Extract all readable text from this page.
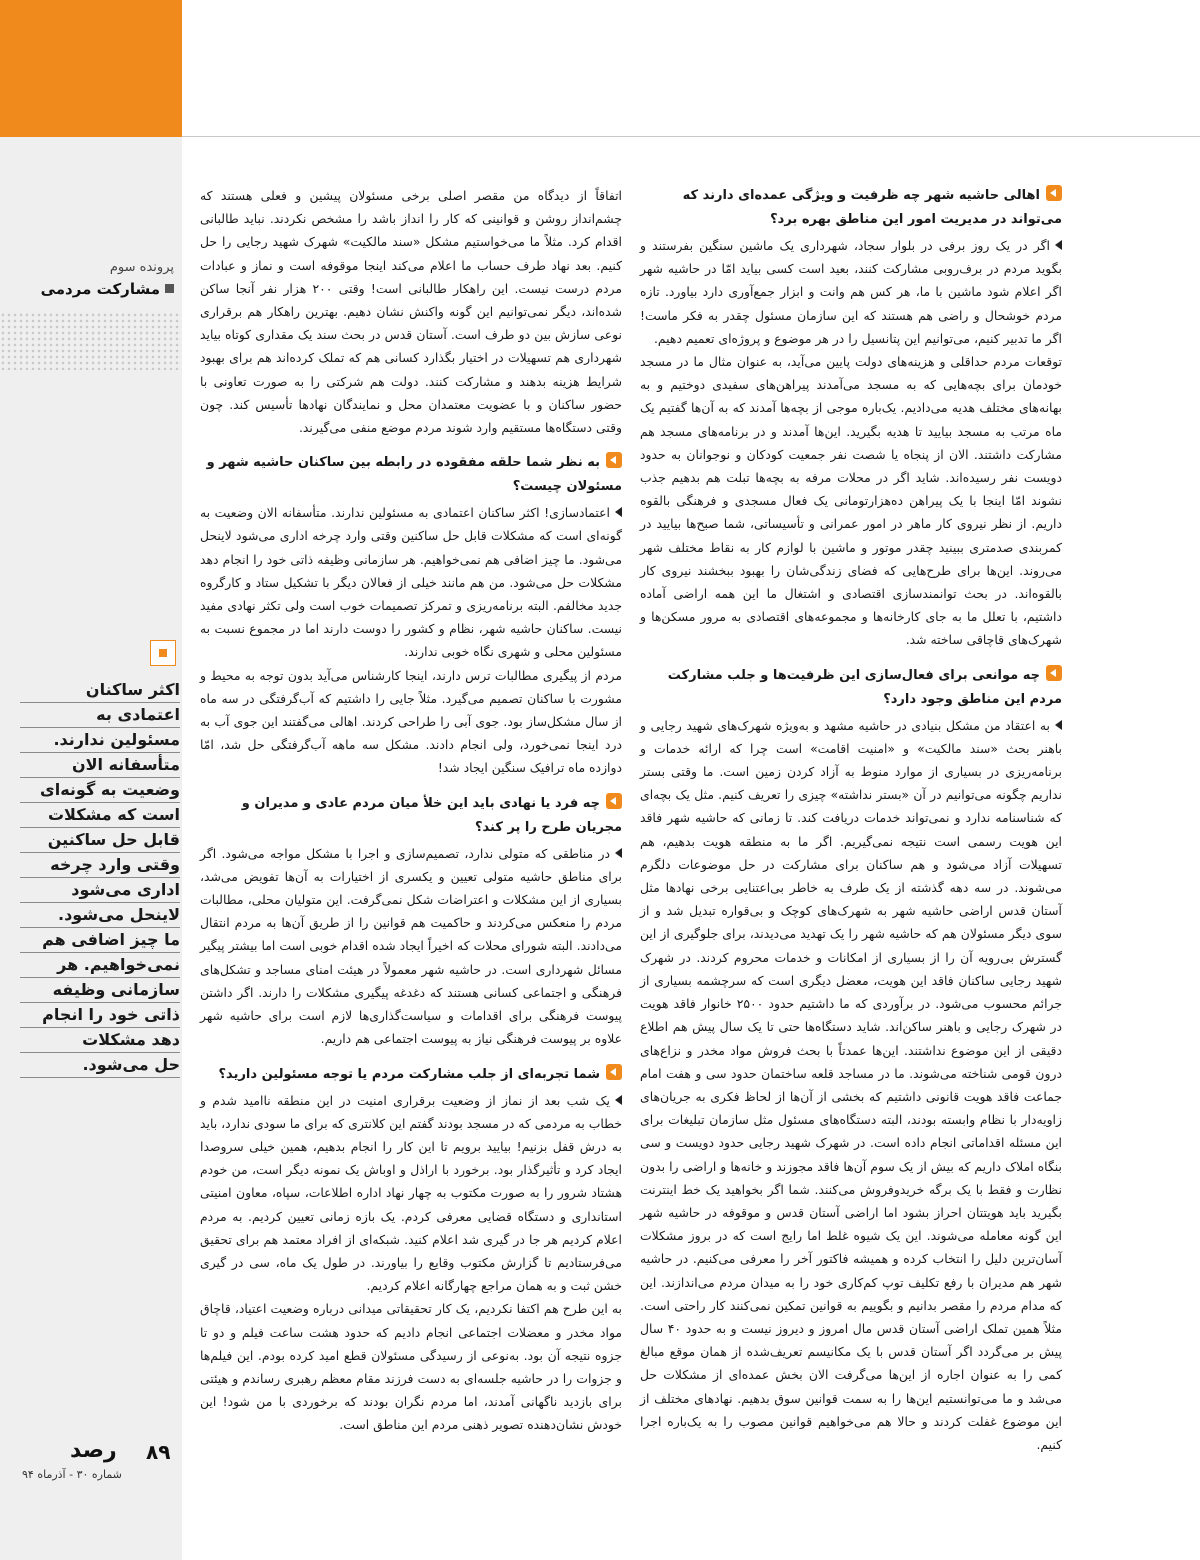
پرونده سوم
مشارکت مردمی
اکثر ساکنان
اعتمادی به
مسئولین ندارند.
متأسفانه الان
وضعیت به گونه‌ای
است که مشکلات
قابل حل ساکنین
وقتی وارد چرخه
اداری می‌شود
لاینحل می‌شود.
ما چیز اضافی هم
نمی‌خواهیم. هر
سازمانی وظیفه
ذاتی خود را انجام
دهد مشکلات
حل می‌شود.
۸۹
رصد
شماره ۳۰ - آذرماه ۹۴

اهالی حاشیه شهر چه ظرفیت و ویژگی عمده‌ای دارند که می‌تواند در مدیریت امور این مناطق بهره برد؟

اگر در یک روز برفی در بلوار سجاد، شهرداری یک ماشین سنگین بفرستند و بگوید مردم در برف‌روبی مشارکت کنند، بعید است کسی بیاید امّا در حاشیه شهر اگر اعلام شود ماشین با ما، هر کس هم وانت و ابزار جمع‌آوری دارد بیاورد. تازه مردم خوشحال و راضی هم هستند که این سازمان مسئول چقدر به فکر ماست! اگر ما تدبیر کنیم، می‌توانیم این پتانسیل را در هر موضوع و پروژه‌ای تعمیم دهیم.

توقعات مردم حداقلی و هزینه‌های دولت پایین می‌آید، به عنوان مثال ما در مسجد خودمان برای بچه‌هایی که به مسجد می‌آمدند پیراهن‌های سفیدی دوختیم و به بهانه‌های مختلف هدیه می‌دادیم. یک‌باره موجی از بچه‌ها آمدند که به آن‌ها گفتیم یک ماه مرتب به مسجد بیایید تا هدیه بگیرید. این‌ها آمدند و در برنامه‌های مسجد هم مشارکت داشتند. الان از پنجاه یا شصت نفر جمعیت کودکان و نوجوانان به حدود دویست نفر رسیده‌اند. شاید اگر در محلات مرفه به بچه‌ها تبلت هم بدهیم جذب نشوند امّا اینجا با یک پیراهن ده‌هزارتومانی یک فعال مسجدی و فرهنگی بالقوه داریم. از نظر نیروی کار ماهر در امور عمرانی و تأسیساتی، شما صبح‌ها بیایید در کمربندی صدمتری ببینید چقدر موتور و ماشین با لوازم کار به نقاط مختلف شهر می‌روند. این‌ها برای طرح‌هایی که فضای زندگی‌شان را بهبود ببخشند نیروی کار بالقوه‌اند. در بحث توانمندسازی اقتصادی و اشتغال ما این همه اراضی آماده داشتیم، با تعلل ما به جای کارخانه‌ها و مجموعه‌های اقتصادی به مرور مسکن‌ها و شهرک‌های قاچاقی ساخته شد.

چه موانعی برای فعال‌سازی این ظرفیت‌ها و جلب مشارکت مردم این مناطق وجود دارد؟

به اعتقاد من مشکل بنیادی در حاشیه مشهد و به‌ویژه شهرک‌های شهید رجایی و باهنر بحث «سند مالکیت» و «امنیت اقامت» است چرا که ارائه خدمات و برنامه‌ریزی در بسیاری از موارد منوط به آزاد کردن زمین است. ما وقتی بستر نداریم چگونه می‌توانیم در آن «بستر نداشته» چیزی را تعریف کنیم. مثل یک بچه‌ای که شناسنامه ندارد و نمی‌تواند خدمات دریافت کند. تا زمانی که حاشیه شهر فاقد این هویت رسمی است نتیجه نمی‌گیریم. اگر ما به منطقه هویت بدهیم، هم تسهیلات آزاد می‌شود و هم ساکنان برای مشارکت در حل موضوعات دلگرم می‌شوند. در سه دهه گذشته از یک طرف به خاطر بی‌اعتنایی برخی نهادها مثل آستان قدس اراضی حاشیه شهر به شهرک‌های کوچک و بی‌قواره تبدیل شد و از سوی دیگر مسئولان هم که حاشیه شهر را یک تهدید می‌دیدند، برای جلوگیری از این گسترش بی‌رویه آن را از بسیاری از امکانات و خدمات محروم کردند. در شهرک شهید رجایی ساکنان فاقد این هویت، معضل دیگری است که سرچشمه بسیاری از جرائم محسوب می‌شود. در برآوردی که ما داشتیم حدود ۲۵۰۰ خانوار فاقد هویت در شهرک رجایی و باهنر ساکن‌اند. شاید دستگاه‌ها حتی تا یک سال پیش هم اطلاع دقیقی از این موضوع نداشتند. این‌ها عمدتاً با بحث فروش مواد مخدر و نزاع‌های درون قومی شناخته می‌شوند. ما در مساجد قلعه ساختمان حدود سی و هفت امام جماعت فاقد هویت قانونی داشتیم که بخشی از آن‌ها از لحاظ فکری به جریان‌های زاویه‌دار با نظام وابسته بودند، البته دستگاه‌های مسئول مثل سازمان تبلیغات برای این مسئله اقداماتی انجام داده است. در شهرک شهید رجایی حدود دویست و سی بنگاه املاک داریم که بیش از یک سوم آن‌ها فاقد مجوزند و خانه‌ها و اراضی را بدون نظارت و فقط با یک برگه خریدوفروش می‌کنند. شما اگر بخواهید یک خط اینترنت بگیرید باید هویتتان احراز بشود اما اراضی آستان قدس و موقوفه در حاشیه شهر این گونه معامله می‌شوند. این یک شیوه غلط اما رایج است که در بروز مشکلات آسان‌ترین دلیل را انتخاب کرده و همیشه فاکتور آخر را معرفی می‌کنیم. در حاشیه شهر هم مدیران با رفع تکلیف توپ کم‌کاری خود را به میدان مردم می‌اندازند. این که مدام مردم را مقصر بدانیم و بگوییم به قوانین تمکین نمی‌کنند کار راحتی است. مثلاً همین تملک اراضی آستان قدس مال امروز و دیروز نیست و به حدود ۴۰ سال پیش بر می‌گردد اگر آستان قدس با یک مکانیسم تعریف‌شده از همان موقع مبالغ کمی را به عنوان اجاره از این‌ها می‌گرفت الان بخش عمده‌ای از مشکلات حل می‌شد و ما می‌توانستیم این‌ها را به سمت قوانین سوق بدهیم. نهادهای مختلف از این موضوع غفلت کردند و حالا هم می‌خواهیم قوانین مصوب را به یک‌باره اجرا کنیم.

اتفاقاً از دیدگاه من مقصر اصلی برخی مسئولان پیشین و فعلی هستند که چشم‌انداز روشن و قوانینی که کار را انداز باشد را مشخص نکردند. نباید طالبانی اقدام کرد. مثلاً ما می‌خواستیم مشکل «سند مالکیت» شهرک شهید رجایی را حل کنیم. بعد نهاد طرف حساب ما اعلام می‌کند اینجا موقوفه است و نماز و عبادات مردم درست نیست. این راهکار طالبانی است! وقتی ۲۰۰ هزار نفر آنجا ساکن شده‌اند، دیگر نمی‌توانیم این گونه واکنش نشان دهیم. بهترین راهکار هم برقراری نوعی سازش بین دو طرف است. آستان قدس در بحث سند یک مقداری کوتاه بیاید شهرداری هم تسهیلات در اختیار بگذارد کسانی هم که تملک کرده‌اند هم برای بهبود شرایط هزینه بدهند و مشارکت کنند. دولت هم شرکتی را به صورت تعاونی با حضور ساکنان و با عضویت معتمدان محل و نمایندگان نهادها تأسیس کند. چون وقتی دستگاه‌ها مستقیم وارد شوند مردم موضع منفی می‌گیرند.

به نظر شما حلقه مفقوده در رابطه بین ساکنان حاشیه شهر و مسئولان چیست؟

اعتمادسازی! اکثر ساکنان اعتمادی به مسئولین ندارند. متأسفانه الان وضعیت به گونه‌ای است که مشکلات قابل حل ساکنین وقتی وارد چرخه اداری می‌شود لاینحل می‌شود. ما چیز اضافی هم نمی‌خواهیم. هر سازمانی وظیفه ذاتی خود را انجام دهد مشکلات حل می‌شود. من هم مانند خیلی از فعالان دیگر با تشکیل ستاد و کارگروه جدید مخالفم. البته برنامه‌ریزی و تمرکز تصمیمات خوب است ولی تکثر نهادی مفید نیست. ساکنان حاشیه شهر، نظام و کشور را دوست دارند اما در مجموع نسبت به مسئولین محلی و شهری نگاه خوبی ندارند.

مردم از پیگیری مطالبات ترس دارند، اینجا کارشناس می‌آید بدون توجه به محیط و مشورت با ساکنان تصمیم می‌گیرد. مثلاً جایی را داشتیم که آب‌گرفتگی در سه ماه از سال مشکل‌ساز بود. جوی آبی را طراحی کردند. اهالی می‌گفتند این جوی آب به درد اینجا نمی‌خورد، ولی انجام دادند. مشکل سه ماهه آب‌گرفتگی حل شد، امّا دوازده ماه ترافیک سنگین ایجاد شد!

چه فرد یا نهادی باید این خلأ میان مردم عادی و مدیران و مجریان طرح را پر کند؟

در مناطقی که متولی ندارد، تصمیم‌سازی و اجرا با مشکل مواجه می‌شود. اگر برای مناطق حاشیه متولی تعیین و یکسری از اختیارات به آن‌ها تفویض می‌شد، بسیاری از این مشکلات و اعتراضات شکل نمی‌گرفت. این متولیان محلی، مطالبات مردم را منعکس می‌کردند و حاکمیت هم قوانین را از طریق آن‌ها به مردم انتقال می‌دادند. البته شورای محلات که اخیراً ایجاد شده اقدام خوبی است اما بیشتر پیگیر مسائل شهرداری است. در حاشیه شهر معمولاً در هیئت امنای مساجد و تشکل‌های فرهنگی و اجتماعی کسانی هستند که دغدغه پیگیری مشکلات را دارند. اگر داشتن پیوست فرهنگی برای اقدامات و سیاست‌گذاری‌ها لازم است برای حاشیه شهر علاوه بر پیوست فرهنگی نیاز به پیوست اجتماعی هم داریم.

شما تجربه‌ای از جلب مشارکت مردم یا توجه مسئولین دارید؟

یک شب بعد از نماز از وضعیت برقراری امنیت در این منطقه ناامید شدم و خطاب به مردمی که در مسجد بودند گفتم این کلانتری که برای ما سودی ندارد، باید به درش قفل بزنیم! بیایید برویم تا این کار را انجام بدهیم، همین خیلی سروصدا ایجاد کرد و تأثیرگذار بود. برخورد با اراذل و اوباش یک نمونه دیگر است، من خودم هشتاد شرور را به صورت مکتوب به چهار نهاد اداره اطلاعات، سپاه، معاون امنیتی استانداری و دستگاه قضایی معرفی کردم. یک بازه زمانی تعیین کردیم. به مردم اعلام کردیم هر جا در گیری شد اعلام کنید. شبکه‌ای از افراد معتمد هم برای تحقیق می‌فرستادیم تا گزارش مکتوب وقایع را بیاورند. در طول یک ماه، سی در گیری خشن ثبت و به همان مراجع چهارگانه اعلام کردیم.

به این طرح هم اکتفا نکردیم، یک کار تحقیقاتی میدانی درباره وضعیت اعتیاد، قاچاق مواد مخدر و معضلات اجتماعی انجام دادیم که حدود هشت ساعت فیلم و دو تا جزوه نتیجه آن بود. به‌نوعی از رسیدگی مسئولان قطع امید کرده بودم. این فیلم‌ها و جزوات را در حاشیه جلسه‌ای به دست فرزند مقام معظم رهبری رساندم و هیئتی برای بازدید ناگهانی آمدند، اما مردم نگران بودند که برخوردی با من شود! این خودش نشان‌دهنده تصویر ذهنی مردم این مناطق است.
